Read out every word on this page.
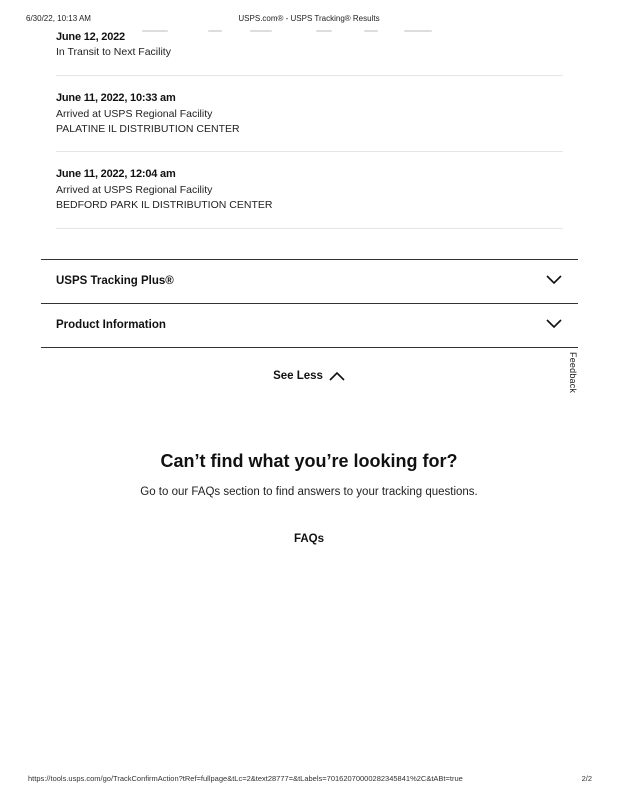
6/30/22, 10:13 AM	USPS.com® - USPS Tracking® Results
June 12, 2022
In Transit to Next Facility
June 11, 2022, 10:33 am
Arrived at USPS Regional Facility
PALATINE IL DISTRIBUTION CENTER
June 11, 2022, 12:04 am
Arrived at USPS Regional Facility
BEDFORD PARK IL DISTRIBUTION CENTER
USPS Tracking Plus®
Product Information
Feedback
See Less
Can’t find what you’re looking for?
Go to our FAQs section to find answers to your tracking questions.
FAQs
https://tools.usps.com/go/TrackConfirmAction?tRef=fullpage&tLc=2&text28777=&tLabels=70162070000282345841%2C&tABt=true	2/2
